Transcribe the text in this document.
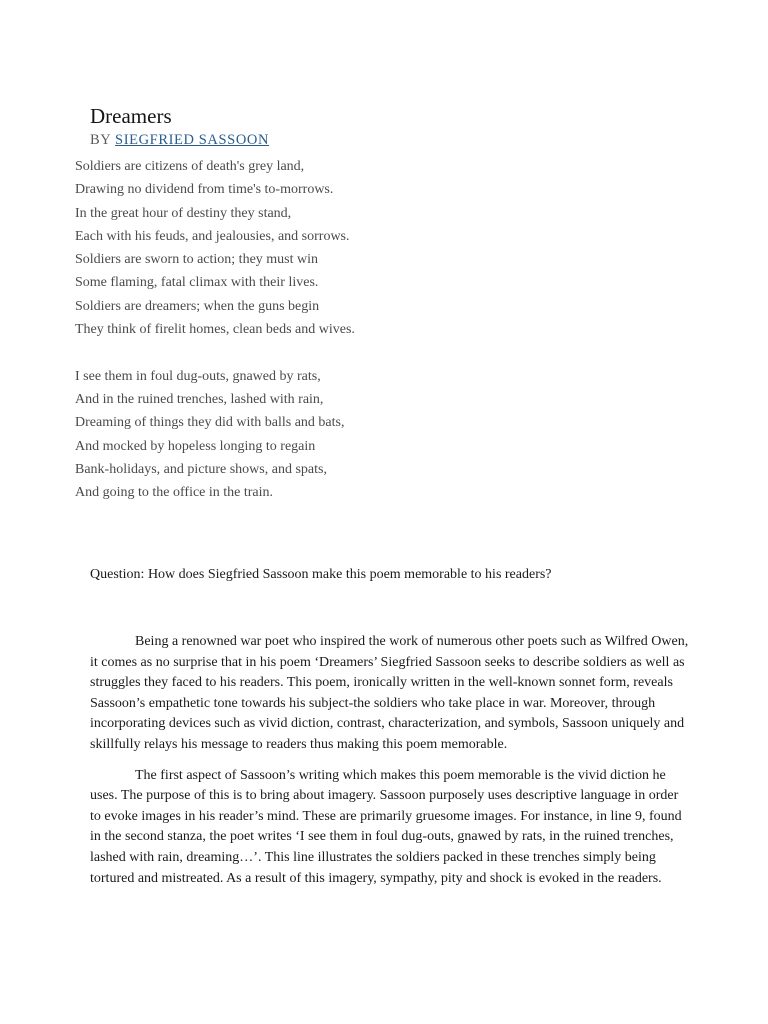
Dreamers
BY SIEGFRIED SASSOON
Soldiers are citizens of death's grey land,
Drawing no dividend from time's to-morrows.
In the great hour of destiny they stand,
Each with his feuds, and jealousies, and sorrows.
Soldiers are sworn to action; they must win
Some flaming, fatal climax with their lives.
Soldiers are dreamers; when the guns begin
They think of firelit homes, clean beds and wives.
I see them in foul dug-outs, gnawed by rats,
And in the ruined trenches, lashed with rain,
Dreaming of things they did with balls and bats,
And mocked by hopeless longing to regain
Bank-holidays, and picture shows, and spats,
And going to the office in the train.
Question: How does Siegfried Sassoon make this poem memorable to his readers?

Being a renowned war poet who inspired the work of numerous other poets such as Wilfred Owen, it comes as no surprise that in his poem ‘Dreamers’ Siegfried Sassoon seeks to describe soldiers as well as struggles they faced to his readers. This poem, ironically written in the well-known sonnet form, reveals Sassoon’s empathetic tone towards his subject-the soldiers who take place in war. Moreover, through incorporating devices such as vivid diction, contrast, characterization, and symbols, Sassoon uniquely and skillfully relays his message to readers thus making this poem memorable.

The first aspect of Sassoon’s writing which makes this poem memorable is the vivid diction he uses. The purpose of this is to bring about imagery. Sassoon purposely uses descriptive language in order to evoke images in his reader’s mind. These are primarily gruesome images. For instance, in line 9, found in the second stanza, the poet writes ‘I see them in foul dug-outs, gnawed by rats, in the ruined trenches, lashed with rain, dreaming…’. This line illustrates the soldiers packed in these trenches simply being tortured and mistreated. As a result of this imagery, sympathy, pity and shock is evoked in the readers.
